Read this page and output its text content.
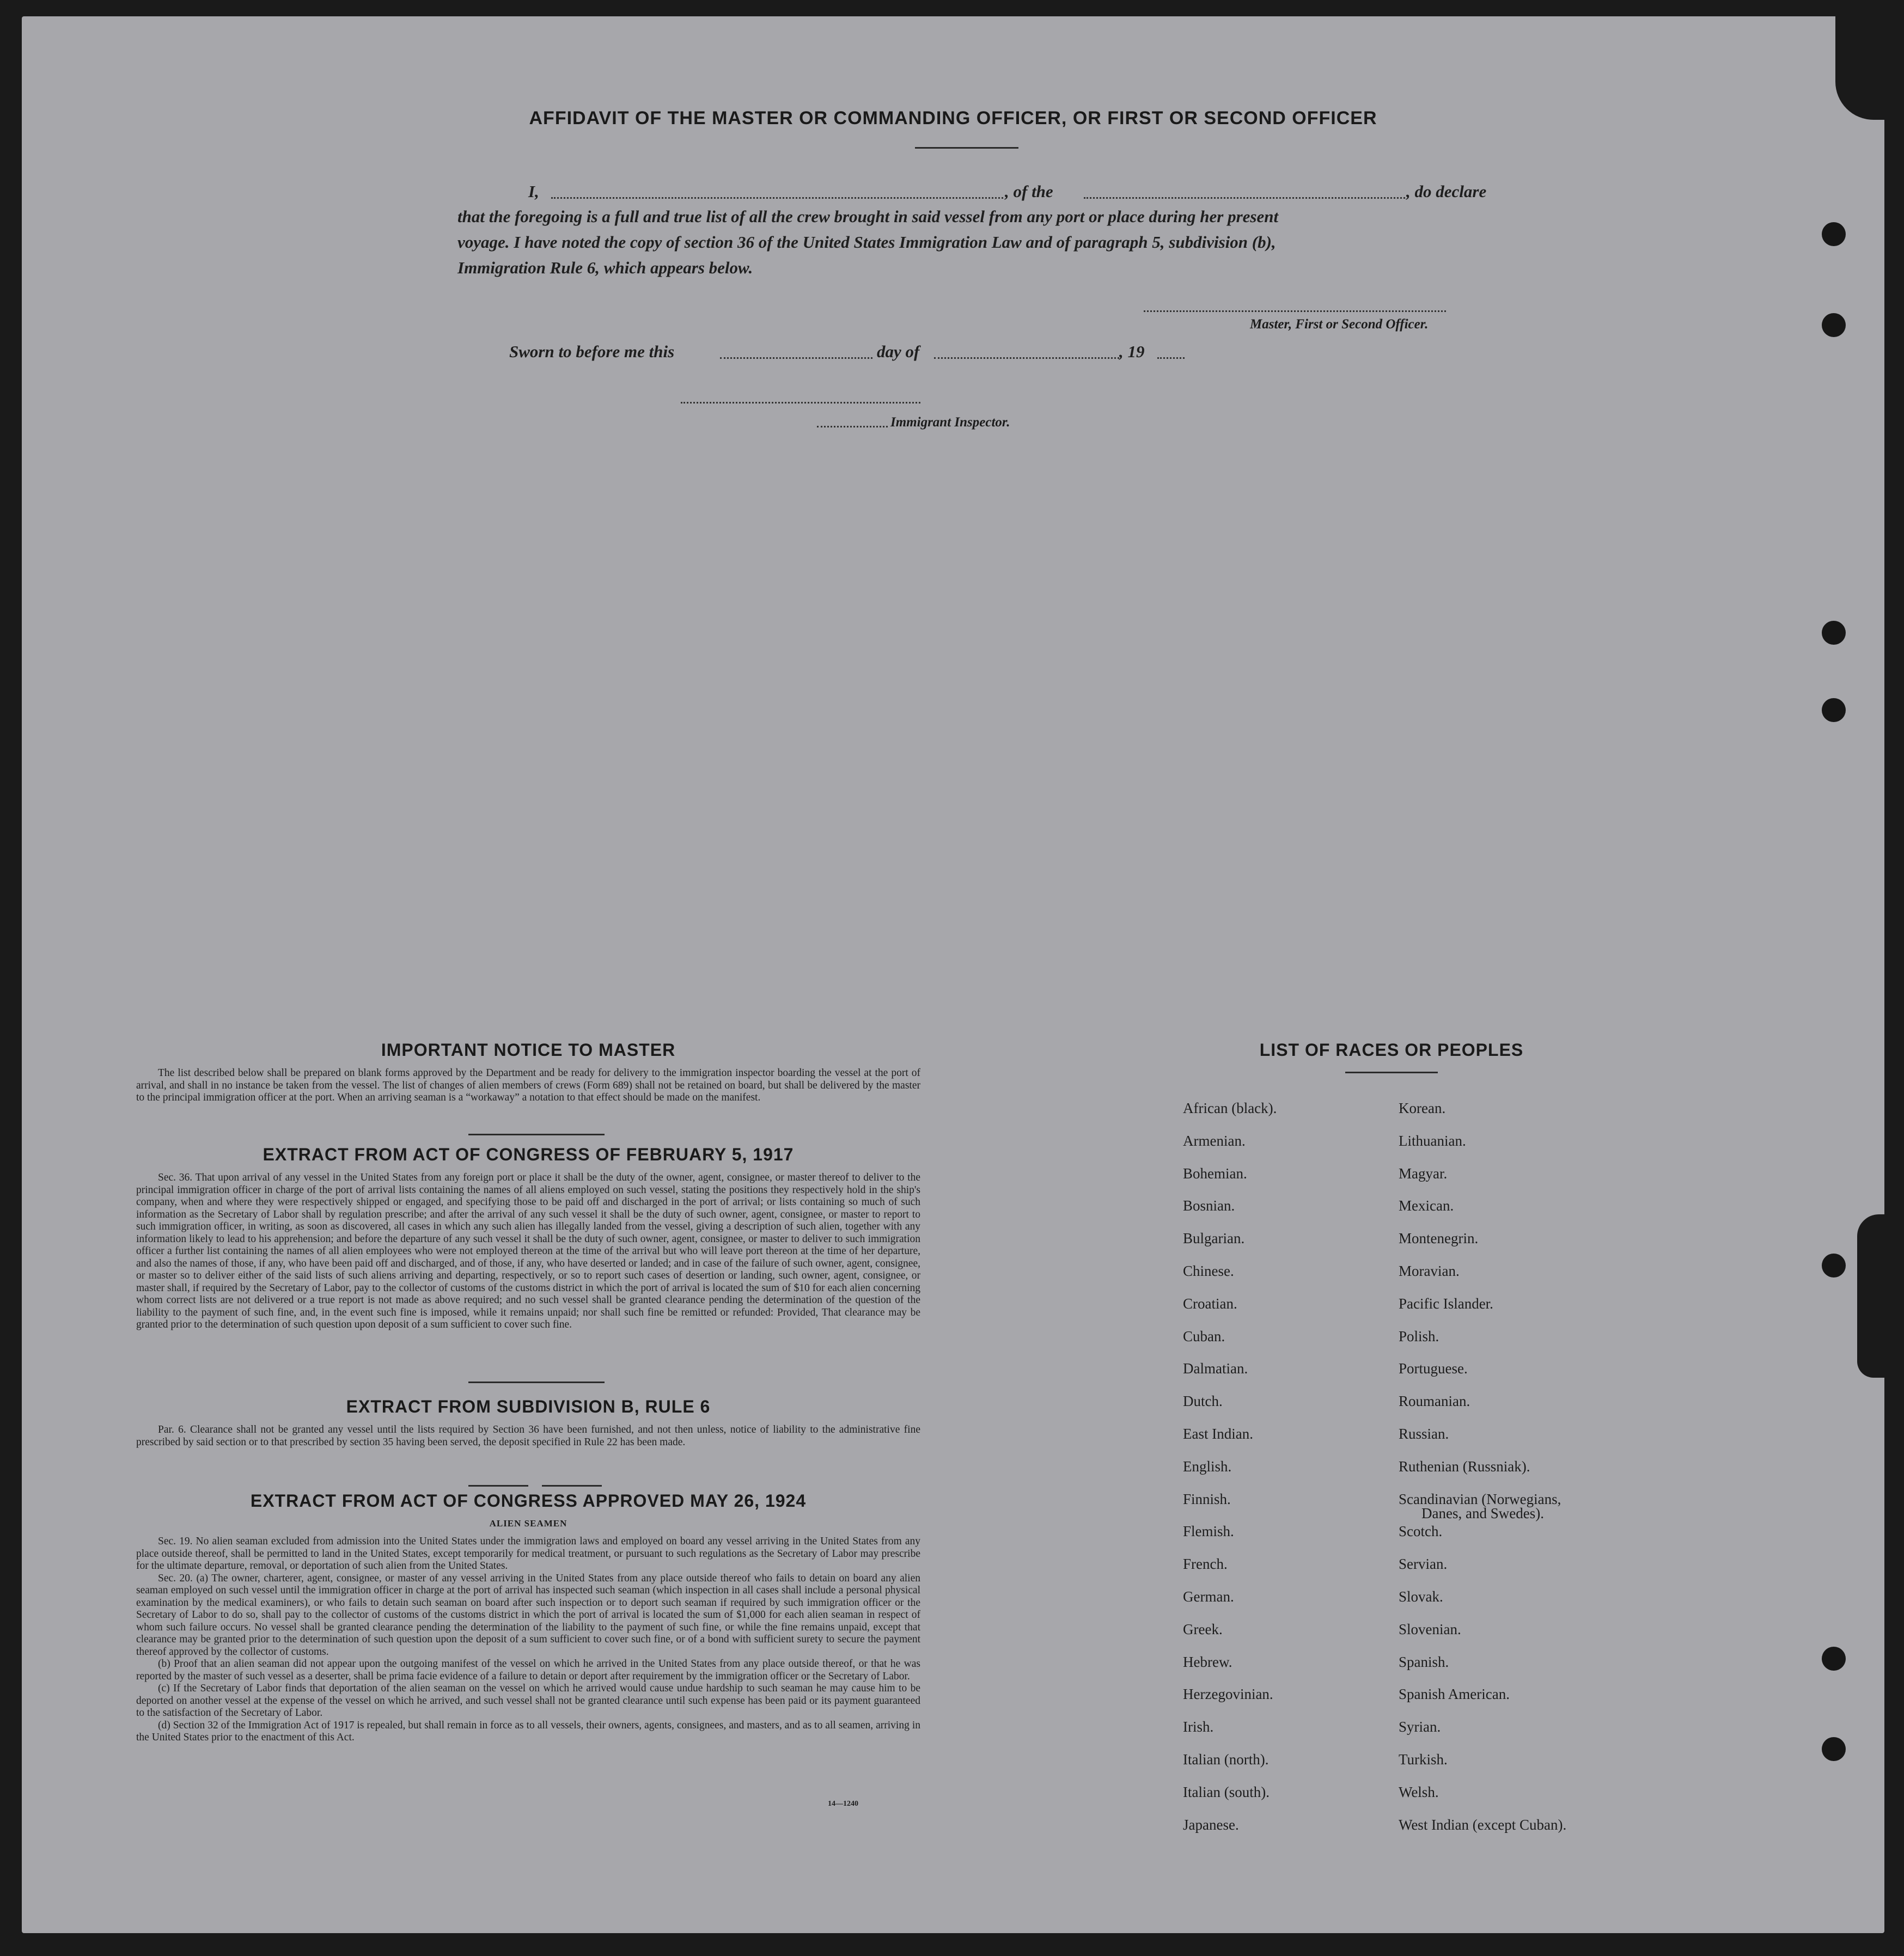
AFFIDAVIT OF THE MASTER OR COMMANDING OFFICER, OR FIRST OR SECOND OFFICER
I,	, of the	, do declare
that the foregoing is a full and true list of all the crew brought in said vessel from any port or place during her present
voyage. I have noted the copy of section 36 of the United States Immigration Law and of paragraph 5, subdivision (b),
Immigration Rule 6, which appears below.
Master, First or Second Officer.
Sworn to before me this	day of	, 19
Immigrant Inspector.
IMPORTANT NOTICE TO MASTER

The list described below shall be prepared on blank forms approved by the Department and be ready for delivery to the immigration inspector boarding the vessel at the port of arrival, and shall in no instance be taken from the vessel. The list of changes of alien members of crews (Form 689) shall not be retained on board, but shall be delivered by the master to the principal immigration officer at the port. When an arriving seaman is a “workaway” a notation to that effect should be made on the manifest.

EXTRACT FROM ACT OF CONGRESS OF FEBRUARY 5, 1917

Sec. 36. That upon arrival of any vessel in the United States from any foreign port or place it shall be the duty of the owner, agent, consignee, or master thereof to deliver to the principal immigration officer in charge of the port of arrival lists containing the names of all aliens employed on such vessel, stating the positions they respectively hold in the ship's company, when and where they were respectively shipped or engaged, and specifying those to be paid off and discharged in the port of arrival; or lists containing so much of such information as the Secretary of Labor shall by regulation prescribe; and after the arrival of any such vessel it shall be the duty of such owner, agent, consignee, or master to report to such immigration officer, in writing, as soon as discovered, all cases in which any such alien has illegally landed from the vessel, giving a description of such alien, together with any information likely to lead to his apprehension; and before the departure of any such vessel it shall be the duty of such owner, agent, consignee, or master to deliver to such immigration officer a further list containing the names of all alien employees who were not employed thereon at the time of the arrival but who will leave port thereon at the time of her departure, and also the names of those, if any, who have been paid off and discharged, and of those, if any, who have deserted or landed; and in case of the failure of such owner, agent, consignee, or master so to deliver either of the said lists of such aliens arriving and departing, respectively, or so to report such cases of desertion or landing, such owner, agent, consignee, or master shall, if required by the Secretary of Labor, pay to the collector of customs of the customs district in which the port of arrival is located the sum of $10 for each alien concerning whom correct lists are not delivered or a true report is not made as above required; and no such vessel shall be granted clearance pending the determination of the question of the liability to the payment of such fine, and, in the event such fine is imposed, while it remains unpaid; nor shall such fine be remitted or refunded: Provided, That clearance may be granted prior to the determination of such question upon deposit of a sum sufficient to cover such fine.

EXTRACT FROM SUBDIVISION B, RULE 6

Par. 6. Clearance shall not be granted any vessel until the lists required by Section 36 have been furnished, and not then unless, notice of liability to the administrative fine prescribed by said section or to that prescribed by section 35 having been served, the deposit specified in Rule 22 has been made.

EXTRACT FROM ACT OF CONGRESS APPROVED MAY 26, 1924
ALIEN SEAMEN

Sec. 19. No alien seaman excluded from admission into the United States under the immigration laws and employed on board any vessel arriving in the United States from any place outside thereof, shall be permitted to land in the United States, except temporarily for medical treatment, or pursuant to such regulations as the Secretary of Labor may prescribe for the ultimate departure, removal, or deportation of such alien from the United States.

Sec. 20. (a) The owner, charterer, agent, consignee, or master of any vessel arriving in the United States from any place outside thereof who fails to detain on board any alien seaman employed on such vessel until the immigration officer in charge at the port of arrival has inspected such seaman (which inspection in all cases shall include a personal physical examination by the medical examiners), or who fails to detain such seaman on board after such inspection or to deport such seaman if required by such immigration officer or the Secretary of Labor to do so, shall pay to the collector of customs of the customs district in which the port of arrival is located the sum of $1,000 for each alien seaman in respect of whom such failure occurs. No vessel shall be granted clearance pending the determination of the liability to the payment of such fine, or while the fine remains unpaid, except that clearance may be granted prior to the determination of such question upon the deposit of a sum sufficient to cover such fine, or of a bond with sufficient surety to secure the payment thereof approved by the collector of customs.

(b) Proof that an alien seaman did not appear upon the outgoing manifest of the vessel on which he arrived in the United States from any place outside thereof, or that he was reported by the master of such vessel as a deserter, shall be prima facie evidence of a failure to detain or deport after requirement by the immigration officer or the Secretary of Labor.

(c) If the Secretary of Labor finds that deportation of the alien seaman on the vessel on which he arrived would cause undue hardship to such seaman he may cause him to be deported on another vessel at the expense of the vessel on which he arrived, and such vessel shall not be granted clearance until such expense has been paid or its payment guaranteed to the satisfaction of the Secretary of Labor.

(d) Section 32 of the Immigration Act of 1917 is repealed, but shall remain in force as to all vessels, their owners, agents, consignees, and masters, and as to all seamen, arriving in the United States prior to the enactment of this Act.

14—1240
LIST OF RACES OR PEOPLES
African (black).
Armenian.
Bohemian.
Bosnian.
Bulgarian.
Chinese.
Croatian.
Cuban.
Dalmatian.
Dutch.
East Indian.
English.
Finnish.
Flemish.
French.
German.
Greek.
Hebrew.
Herzegovinian.
Irish.
Italian (north).
Italian (south).
Japanese.
Korean.
Lithuanian.
Magyar.
Mexican.
Montenegrin.
Moravian.
Pacific Islander.
Polish.
Portuguese.
Roumanian.
Russian.
Ruthenian (Russniak).
Scandinavian (Norwegians,
Danes, and Swedes).
Scotch.
Servian.
Slovak.
Slovenian.
Spanish.
Spanish American.
Syrian.
Turkish.
Welsh.
West Indian (except Cuban).
